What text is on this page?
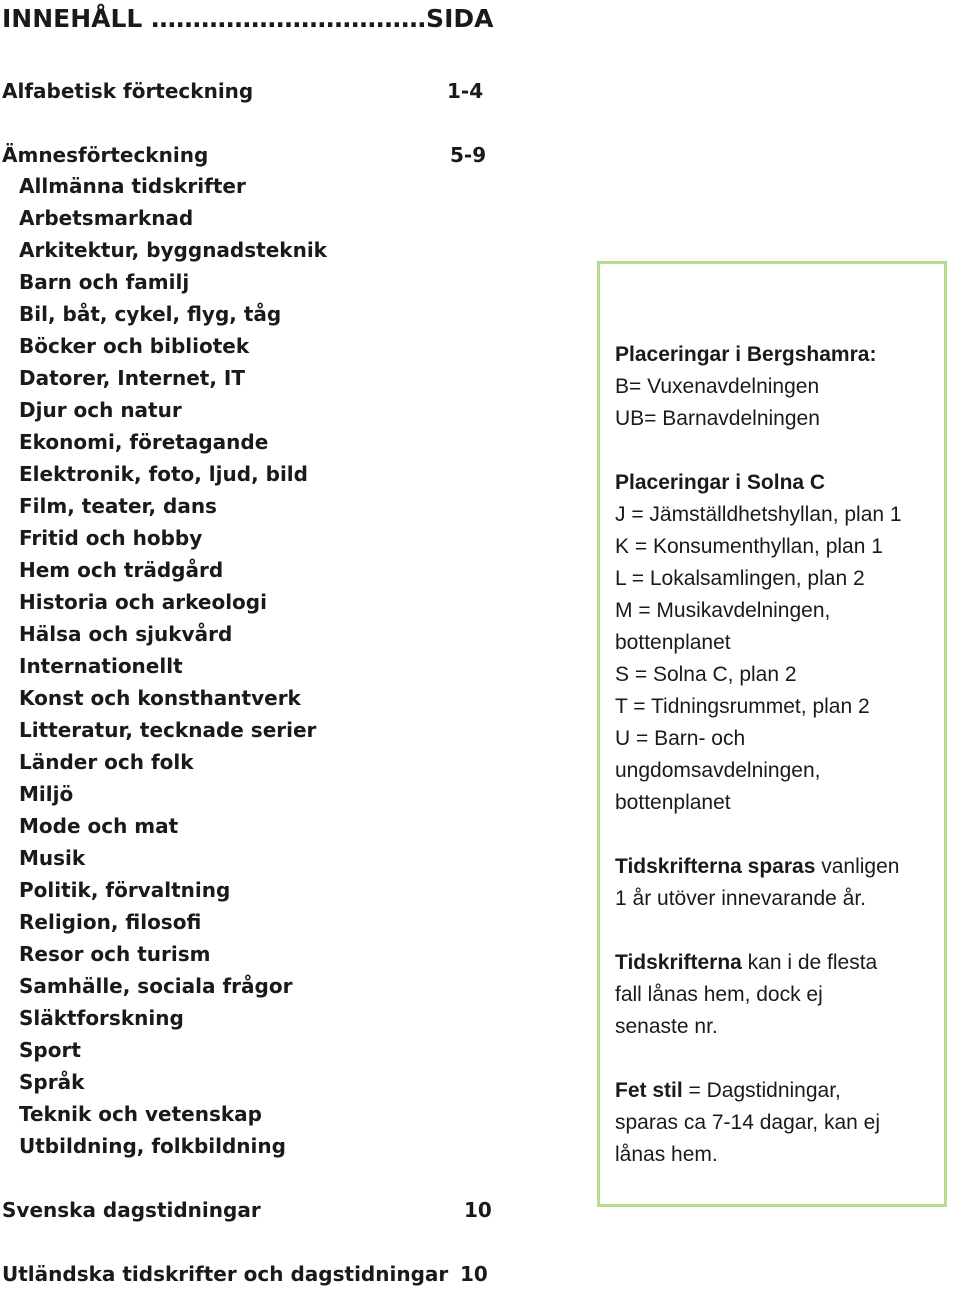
INNEHÅLL ……………………………SIDA
Alfabetisk förteckning	1-4
Ämnesförteckning	5-9
Allmänna tidskrifter
Arbetsmarknad
Arkitektur, byggnadsteknik
Barn och familj
Bil, båt, cykel, flyg, tåg
Böcker och bibliotek
Datorer, Internet, IT
Djur och natur
Ekonomi, företagande
Elektronik, foto, ljud, bild
Film, teater, dans
Fritid och hobby
Hem och trädgård
Historia och arkeologi
Hälsa och sjukvård
Internationellt
Konst och konsthantverk
Litteratur, tecknade serier
Länder och folk
Miljö
Mode och mat
Musik
Politik, förvaltning
Religion, filosofi
Resor och turism
Samhälle, sociala frågor
Släktforskning
Sport
Språk
Teknik och vetenskap
Utbildning, folkbildning
Svenska dagstidningar	10
Utländska tidskrifter och dagstidningar 10

Placeringar i Bergshamra:

B= Vuxenavdelningen

UB= Barnavdelningen

Placeringar i Solna C

J = Jämställdhetshyllan, plan 1

K = Konsumenthyllan, plan 1

L = Lokalsamlingen, plan 2

M = Musikavdelningen,

bottenplanet

S = Solna C, plan 2

T = Tidningsrummet, plan 2

U = Barn- och

ungdomsavdelningen,

bottenplanet

Tidskrifterna sparas vanligen

1 år utöver innevarande år.

Tidskrifterna kan i de flesta

fall lånas hem, dock ej

senaste nr.

Fet stil = Dagstidningar,

sparas ca 7-14 dagar, kan ej

lånas hem.
